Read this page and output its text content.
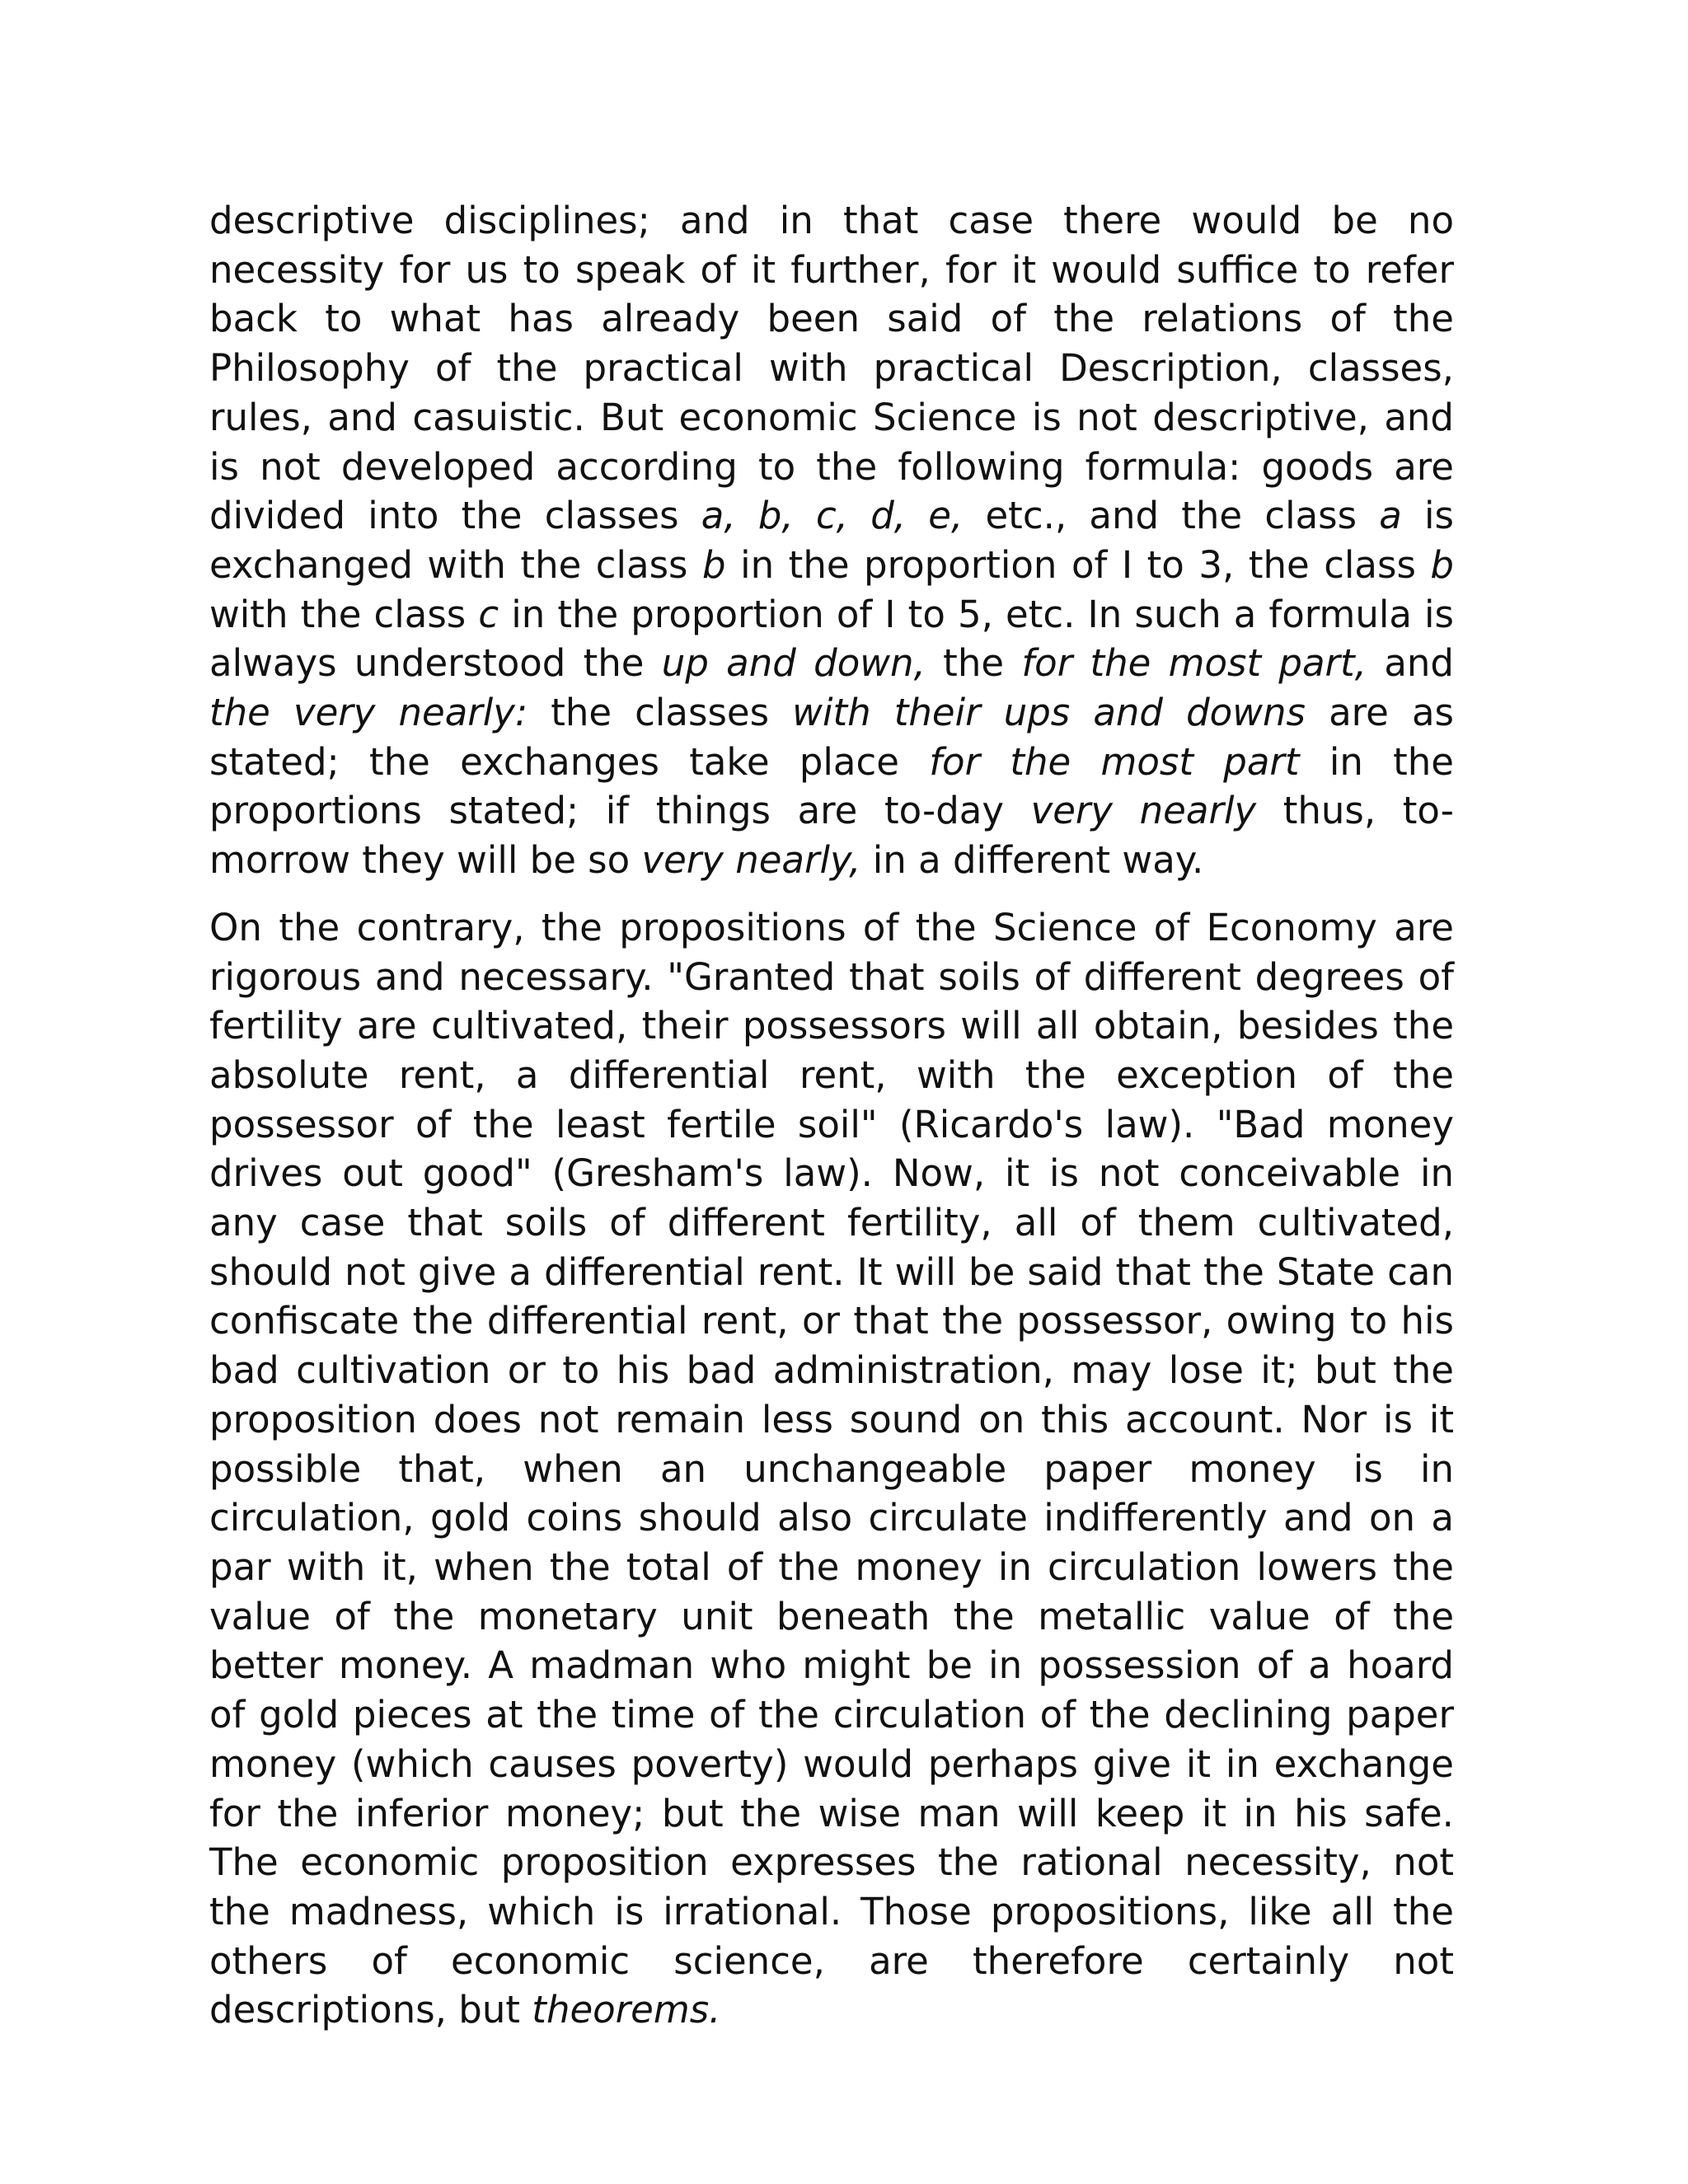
descriptive disciplines; and in that case there would be no necessity for us to speak of it further, for it would suffice to refer back to what has already been said of the relations of the Philosophy of the practical with practical Description, classes, rules, and casuistic. But economic Science is not descriptive, and is not developed according to the following formula: goods are divided into the classes a, b, c, d, e, etc., and the class a is exchanged with the class b in the proportion of I to 3, the class b with the class c in the proportion of I to 5, etc. In such a formula is always understood the up and down, the for the most part, and the very nearly: the classes with their ups and downs are as stated; the exchanges take place for the most part in the proportions stated; if things are to-day very nearly thus, to-morrow they will be so very nearly, in a different way.

On the contrary, the propositions of the Science of Economy are rigorous and necessary. "Granted that soils of different degrees of fertility are cultivated, their possessors will all obtain, besides the absolute rent, a differential rent, with the exception of the possessor of the least fertile soil" (Ricardo's law). "Bad money drives out good" (Gresham's law). Now, it is not conceivable in any case that soils of different fertility, all of them cultivated, should not give a differential rent. It will be said that the State can confiscate the differential rent, or that the possessor, owing to his bad cultivation or to his bad administration, may lose it; but the proposition does not remain less sound on this account. Nor is it possible that, when an unchangeable paper money is in circulation, gold coins should also circulate indifferently and on a par with it, when the total of the money in circulation lowers the value of the monetary unit beneath the metallic value of the better money. A madman who might be in possession of a hoard of gold pieces at the time of the circulation of the declining paper money (which causes poverty) would perhaps give it in exchange for the inferior money; but the wise man will keep it in his safe. The economic proposition expresses the rational necessity, not the madness, which is irrational. Those propositions, like all the others of economic science, are therefore certainly not descriptions, but theorems.
